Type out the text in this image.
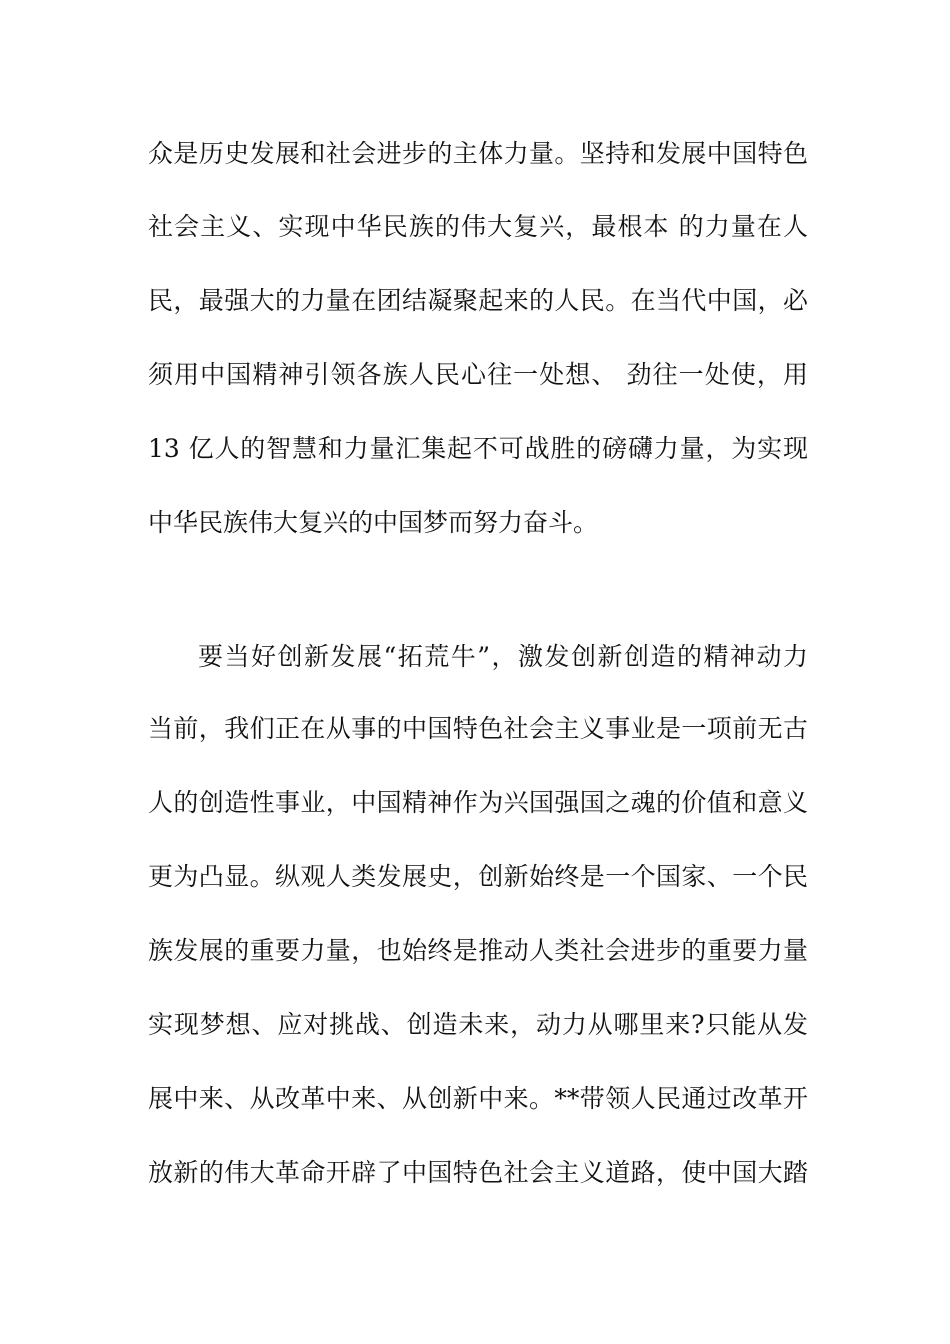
众是历史发展和社会进步的主体力量。坚持和发展中国特色
社会主义、实现中华民族的伟大复兴，最根本 的力量在人
民，最强大的力量在团结凝聚起来的人民。在当代中国，必
须用中国精神引领各族人民心往一处想、 劲往一处使，用
13 亿人的智慧和力量汇集起不可战胜的磅礴力量，为实现
中华民族伟大复兴的中国梦而努力奋斗。
要当好创新发展“拓荒牛”，激发创新创造的精神动力
当前，我们正在从事的中国特色社会主义事业是一项前无古
人的创造性事业，中国精神作为兴国强国之魂的价值和意义
更为凸显。纵观人类发展史，创新始终是一个国家、一个民
族发展的重要力量，也始终是推动人类社会进步的重要力量
实现梦想、应对挑战、创造未来，动力从哪里来?只能从发
展中来、从改革中来、从创新中来。**带领人民通过改革开
放新的伟大革命开辟了中国特色社会主义道路，使中国大踏
